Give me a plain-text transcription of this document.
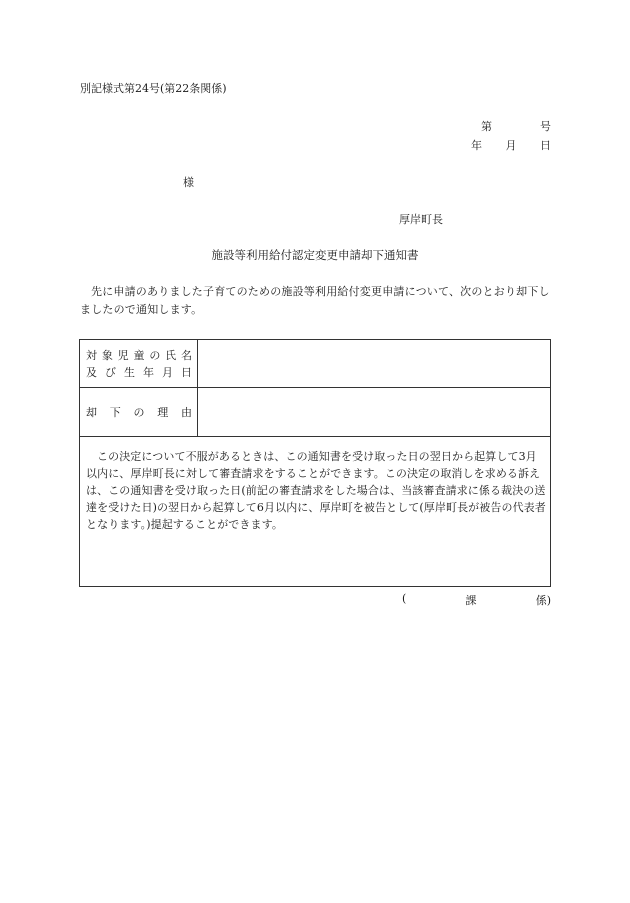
別記様式第24号(第22条関係)
第	号
年 月 日
様
厚岸町長
施設等利用給付認定変更申請却下通知書
先に申請のありました子育てのための施設等利用給付変更申請について、次のとおり却下しましたので通知します。
対 象 児 童 の 氏 名
及 び 生 年 月 日
却 下 の 理 由
この決定について不服があるときは、この通知書を受け取った日の翌日から起算して3月以内に、厚岸町長に対して審査請求をすることができます。この決定の取消しを求める訴えは、この通知書を受け取った日(前記の審査請求をした場合は、当該審査請求に係る裁決の送達を受けた日)の翌日から起算して6月以内に、厚岸町を被告として(厚岸町長が被告の代表者となります。)提起することができます。
(	課	係)
